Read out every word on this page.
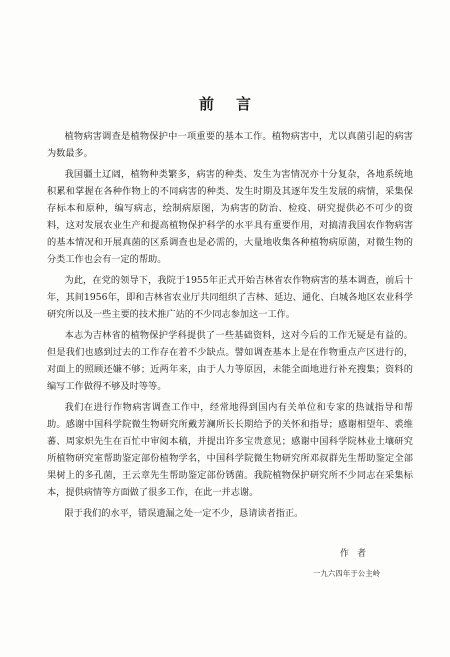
前言

植物病害调查是植物保护中一项重要的基本工作。植物病害中，尤以真菌引起的病害为数最多。

我国疆土辽阔，植物种类繁多，病害的种类、发生为害情况亦十分复杂，各地系统地积累和掌握在各种作物上的不同病害的种类、发生时期及其逐年发生发展的病情，采集保存标本和原种，编写病志，绘制病原图，为病害的防治、检疫、研究提供必不可少的资料，这对发展农业生产和提高植物保护科学的水平具有重要作用，对搞清我国农作物病害的基本情况和开展真菌的区系调查也是必需的，大量地收集各种植物病原菌，对微生物的分类工作也会有一定的帮助。

为此，在党的领导下，我院于1955年正式开始吉林省农作物病害的基本调查，前后十年，其间1956年，即和吉林省农业厅共同组织了吉林、延边、通化、白城各地区农业科学研究所以及一些主要的技术推广站的不少同志参加这一工作。

本志为吉林省的植物保护学科提供了一些基础资料，这对今后的工作无疑是有益的。但是我们也感到过去的工作存在着不少缺点。譬如调查基本上是在作物重点产区进行的，对面上的照顾还嫌不够；近两年来，由于人力等原因，未能全面地进行补充搜集；资料的编写工作做得不够及时等等。

我们在进行作物病害调查工作中，经常地得到国内有关单位和专家的热诚指导和帮助。感谢中国科学院微生物研究所戴芳澜所长长期给予的关怀和指导；感谢相望年、裘维蕃、周家炽先生在百忙中审阅本稿，并提出许多宝贵意见；感谢中国科学院林业土壤研究所植物研究室帮助鉴定部份植物学名，中国科学院微生物研究所邓叔群先生帮助鉴定全部果树上的多孔菌，王云章先生帮助鉴定部份锈菌。我院植物保护研究所不少同志在采集标本，提供病情等方面做了很多工作，在此一并志谢。

限于我们的水平，错误遗漏之处一定不少，恳请读者指正。

作者
一九六四年于公主岭
